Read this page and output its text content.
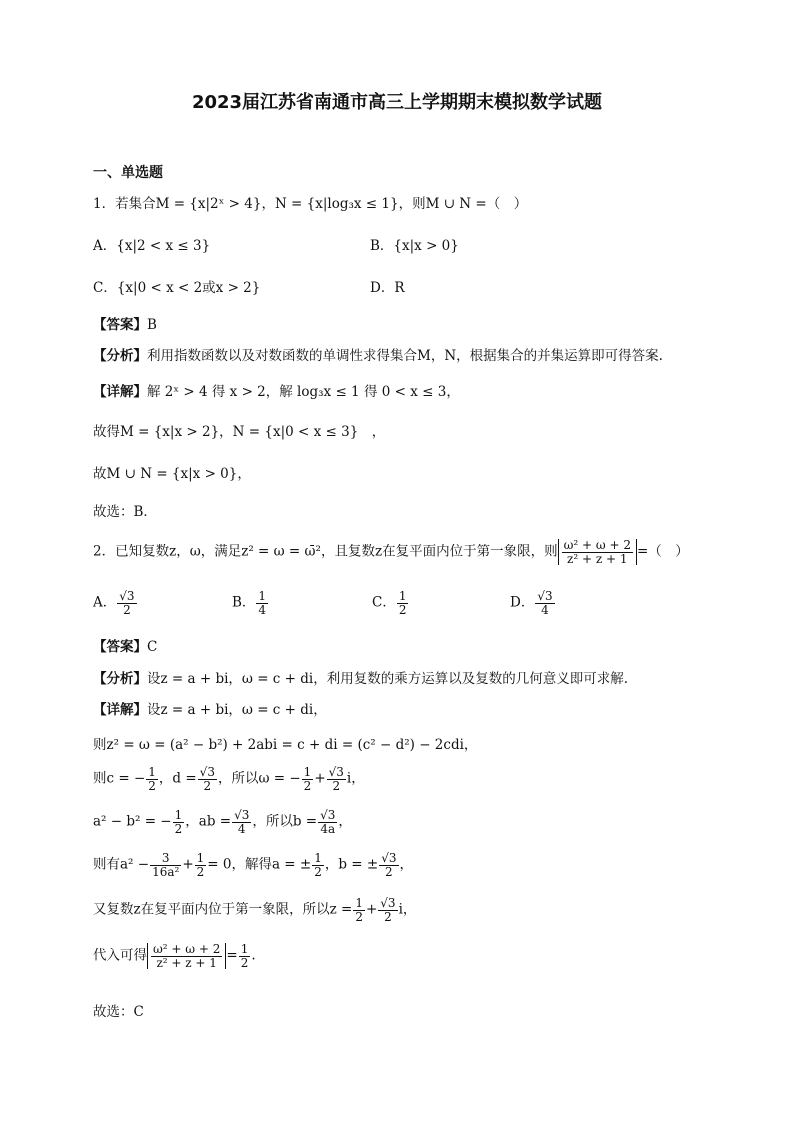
2023届江苏省南通市高三上学期期末模拟数学试题
一、单选题
1．若集合M = {x|2ˣ > 4}，N = {x|log₃x ≤ 1}，则M ∪ N =（　）
A．{x|2 < x ≤ 3}	B．{x|x > 0}
C．{x|0 < x < 2或x > 2}	D．R
【答案】B
【分析】利用指数函数以及对数函数的单调性求得集合M，N，根据集合的并集运算即可得答案.
【详解】解 2ˣ > 4 得 x > 2，解 log₃x ≤ 1 得 0 < x ≤ 3，
故得M = {x|x > 2}，N = {x|0 < x ≤ 3}　，
故M ∪ N = {x|x > 0}，
故选：B．
2．已知复数z，ω，满足z² = ω = ω̄²，且复数z在复平面内位于第一象限，则 $\frac{\text{ω² + ω + 2}}{\text{z² + z + 1}}$ =（　）
A． $\frac{√3}{2}$	B． $\frac{1}{4}$	C． $\frac{1}{2}$	D． $\frac{√3}{4}$
【答案】C
【分析】设z = a + bi，ω = c + di，利用复数的乘方运算以及复数的几何意义即可求解.
【详解】设z = a + bi，ω = c + di，
则z² = ω = (a² − b²) + 2abi = c + di = (c² − d²) − 2cdi，
则c = − $\frac{1}{2}$ ，$d = \frac{√3}{2}$ ，所以ω = − $\frac{1}{2} + \frac{√3}{2}$ i，
a² − b² = − $\frac{1}{2}$ ，ab = $\frac{√3}{4}$ ，所以$b = \frac{√3}{4a}$ ，
则有$a^2 - \frac{3}{\text{16a²}} + \frac{1}{2} = 0$，解得a = ± $\frac{1}{2}$ ，b = ± $\frac{√3}{2}$ ，
又复数z在复平面内位于第一象限，所以$z = \frac{1}{2} + \frac{√3}{2}$ i，
代入可得 $\frac{\text{ω² + ω + 2}}{\text{z² + z + 1}} = \frac{1}{2}$ .
故选：C
